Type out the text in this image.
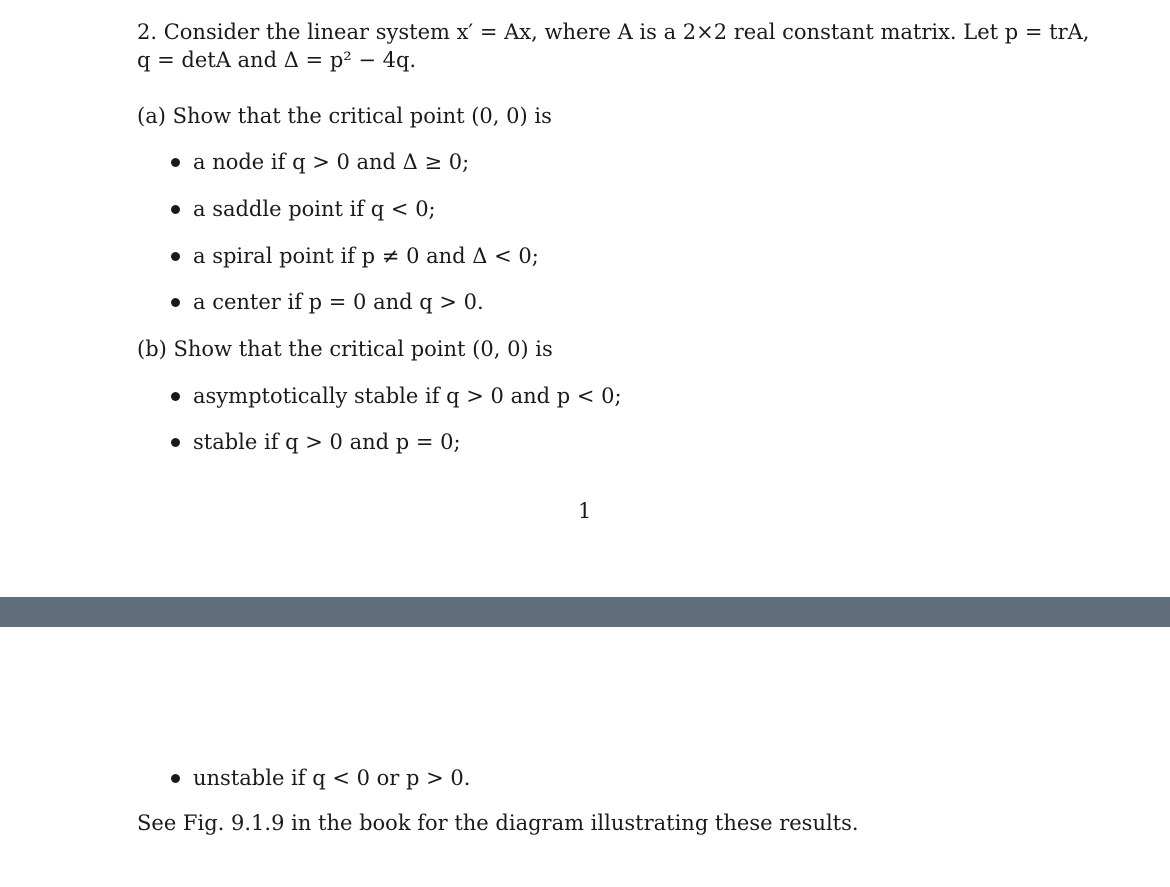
2. Consider the linear system x′ = Ax, where A is a 2×2 real constant matrix. Let p = trA,
q = detA and Δ = p² − 4q.
(a) Show that the critical point (0, 0) is
a node if q > 0 and Δ ≥ 0;
a saddle point if q < 0;
a spiral point if p ≠ 0 and Δ < 0;
a center if p = 0 and q > 0.
(b) Show that the critical point (0, 0) is
asymptotically stable if q > 0 and p < 0;
stable if q > 0 and p = 0;
1
unstable if q < 0 or p > 0.
See Fig. 9.1.9 in the book for the diagram illustrating these results.
